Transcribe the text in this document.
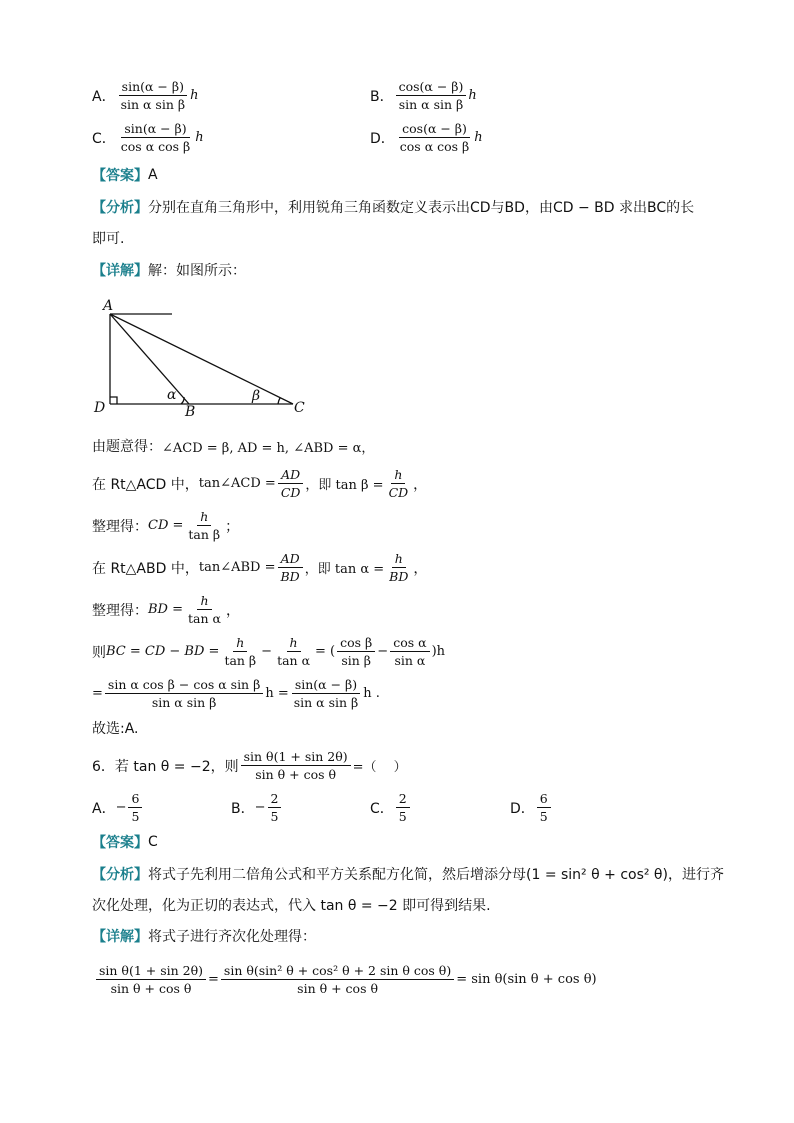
A． $\frac{\sin(\alpha - \beta)}{\text{sin α sin β}}$ h	B． $\frac{\cos(\alpha - \beta)}{\text{sin α sin β}}$ h
C． $\frac{\sin(\alpha - \beta)}{\text{cos α cos β}}$ h	D． $\frac{\cos(\alpha - \beta)}{\text{cos α cos β}}$ h
【答案】 A
【分析】 分别在直角三角形中，利用锐角三角函数定义表示出CD与BD，由CD − BD 求出BC的长
即可.
【详解】 解：如图所示：
A
D	B	C
α	β
由题意得： ∠ACD = β, AD = h, ∠ABD = α，
在 Rt△ACD 中， tan∠ACD = $\frac{AD}{CD}$ ，即 $\tan \beta = \frac{h}{CD}$ ，
整理得： CD = $\frac{h}{\text{tan β}}$ ；
在 Rt△ABD 中， tan∠ABD = $\frac{AD}{BD}$ ，即 $\tan \alpha = \frac{h}{BD}$ ，
整理得： BD = $\frac{h}{\text{tan α}}$ ，
则 BC = CD − BD = $\frac{h}{\text{tan β}} - \frac{h}{\text{tan α}}$ = ( $\frac{\text{cos β}}{\text{sin β}} - \frac{\text{cos α}}{\text{sin α}} )h$
= $\frac{\text{sin α cos β − cos α sin β}}{\text{sin α sin β}}$ $h = \frac{\sin(\alpha - \beta)}{\text{sin α sin β}}$ h .
故选:A.
6． 若 tan θ = −2，则 $\frac{\text{sin θ(1 + sin 2θ)}}{\text{sin θ + cos θ}}$ =（　 ）
A． − $\frac{6}{5}$	B． − $\frac{2}{5}$	C． $\frac{2}{5}$	D． $\frac{6}{5}$
【答案】 C
【分析】 将式子先利用二倍角公式和平方关系配方化简，然后增添分母(1 = sin² θ + cos² θ)，进行齐
次化处理，化为正切的表达式，代入 tan θ = −2 即可得到结果.
【详解】 将式子进行齐次化处理得：
$\frac{\text{sin θ(1 + sin 2θ)}}{\text{sin θ + cos θ}} = \frac{\text{sin θ(sin² θ + cos² θ + 2 sin θ cos θ)}}{\text{sin θ + cos θ}} = \sin \theta(\sin$ θ + cos θ)
